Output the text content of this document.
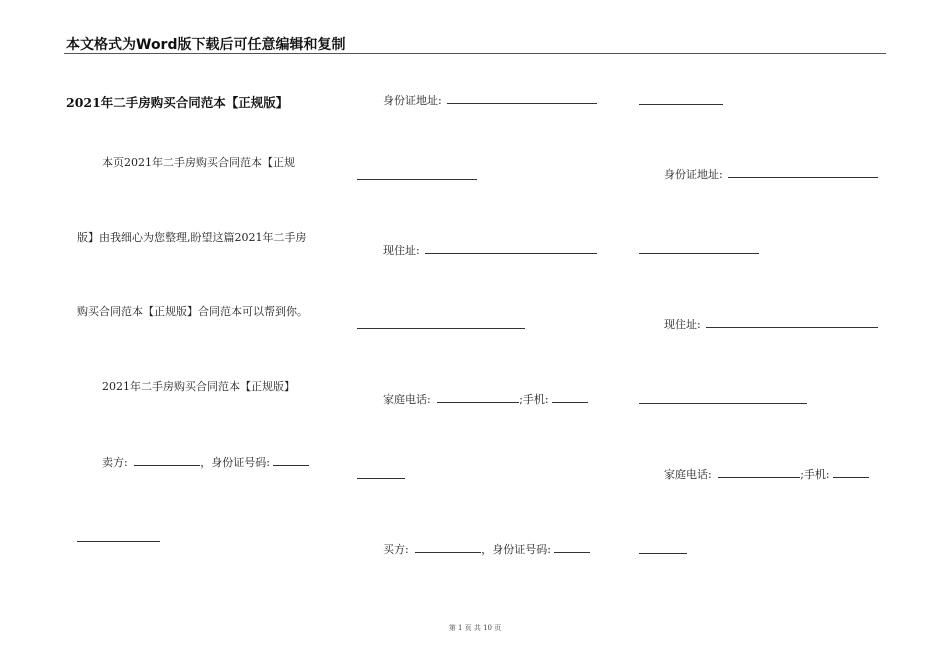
本文格式为Word版下载后可任意编辑和复制
2021年二手房购买合同范本【正规版】
本页2021年二手房购买合同范本【正规
版】由我细心为您整理,盼望这篇2021年二手房
购买合同范本【正规版】合同范本可以帮到你。
2021年二手房购买合同范本【正规版】
卖方:	，身份证号码:
身份证地址:
现住址:
家庭电话:	;手机:
买方:	，身份证号码:
身份证地址:
现住址:
家庭电话:	;手机:
第 1 页 共 10 页
